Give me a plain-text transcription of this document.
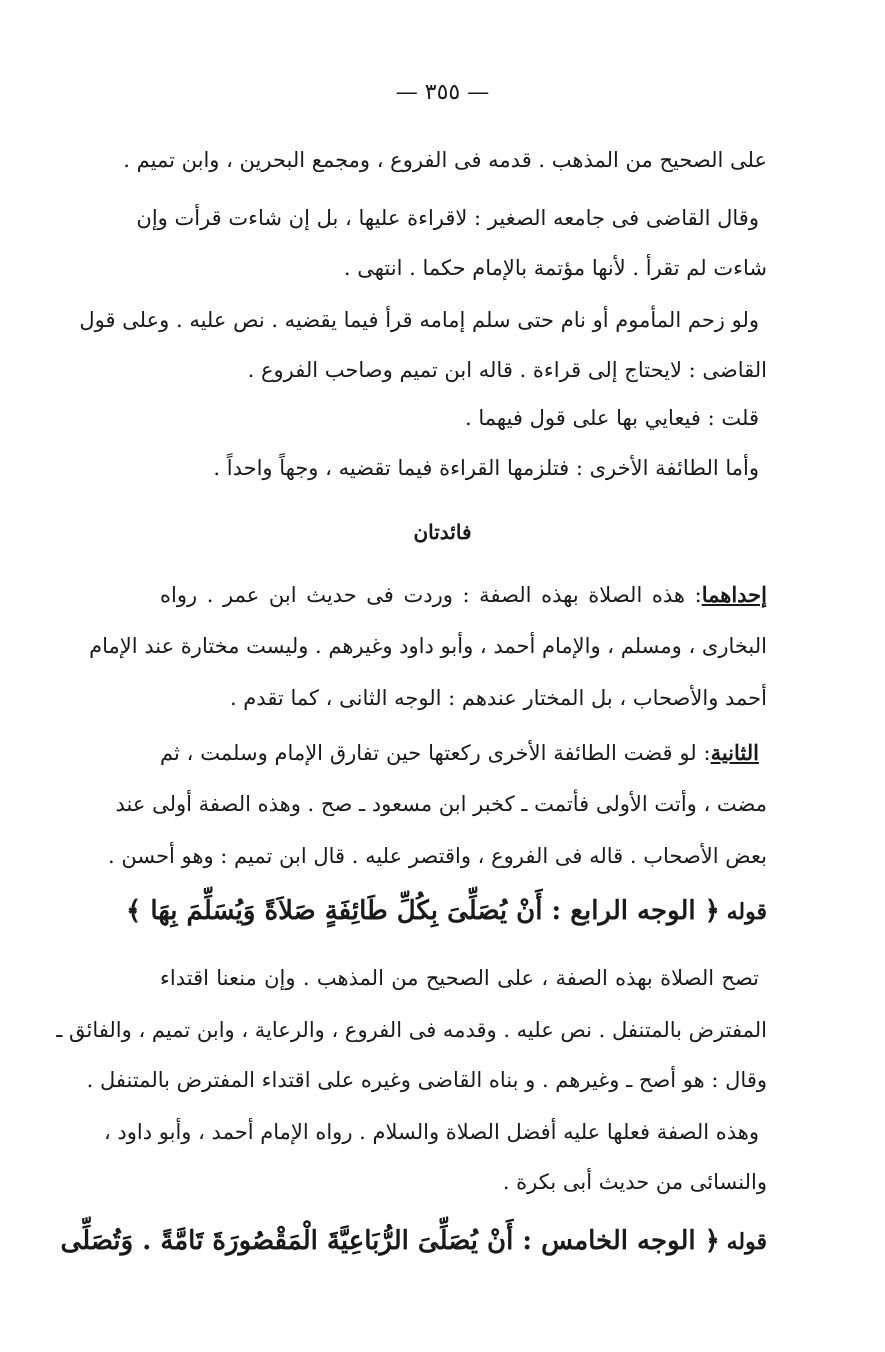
— ٣٥٥ —
على الصحيح من المذهب . قدمه فى الفروع ، ومجمع البحرين ، وابن تميم .
وقال القاضى فى جامعه الصغير : لاقراءة عليها ، بل إن شاءت قرأت وإن
شاءت لم تقرأ . لأنها مؤتمة بالإمام حكما . انتهى .
ولو زحم المأموم أو نام حتى سلم إمامه قرأ فيما يقضيه . نص عليه . وعلى قول
القاضى : لايحتاج إلى قراءة . قاله ابن تميم وصاحب الفروع .
قلت : فيعايي بها على قول فيهما .
وأما الطائفة الأخرى : فتلزمها القراءة فيما تقضيه ، وجهاً واحداً .
فائدتان
إحداهما: هذه الصلاة بهذه الصفة : وردت فى حديث ابن عمر . رواه
البخارى ، ومسلم ، والإمام أحمد ، وأبو داود وغيرهم . وليست مختارة عند الإمام
أحمد والأصحاب ، بل المختار عندهم : الوجه الثانى ، كما تقدم .
الثانية: لو قضت الطائفة الأخرى ركعتها حين تفارق الإمام وسلمت ، ثم
مضت ، وأتت الأولى فأتمت ـ كخبر ابن مسعود ـ صح . وهذه الصفة أولى عند
بعض الأصحاب . قاله فى الفروع ، واقتصر عليه . قال ابن تميم : وهو أحسن .
قوله ﴿ الوجه الرابع : أَنْ يُصَلِّىَ بِكُلِّ طَائِفَةٍ صَلاَةً وَيُسَلِّمَ بِهَا ﴾
تصح الصلاة بهذه الصفة ، على الصحيح من المذهب . وإن منعنا اقتداء
المفترض بالمتنفل . نص عليه . وقدمه فى الفروع ، والرعاية ، وابن تميم ، والفائق ـ
وقال : هو أصح ـ وغيرهم . و بناه القاضى وغيره على اقتداء المفترض بالمتنفل .
وهذه الصفة فعلها عليه أفضل الصلاة والسلام . رواه الإمام أحمد ، وأبو داود ،
والنسائى من حديث أبى بكرة .
قوله ﴿ الوجه الخامس : أَنْ يُصَلِّىَ الرُّبَاعِيَّةَ الْمَقْصُورَةَ تَامَّةً . وَتُصَلِّى
